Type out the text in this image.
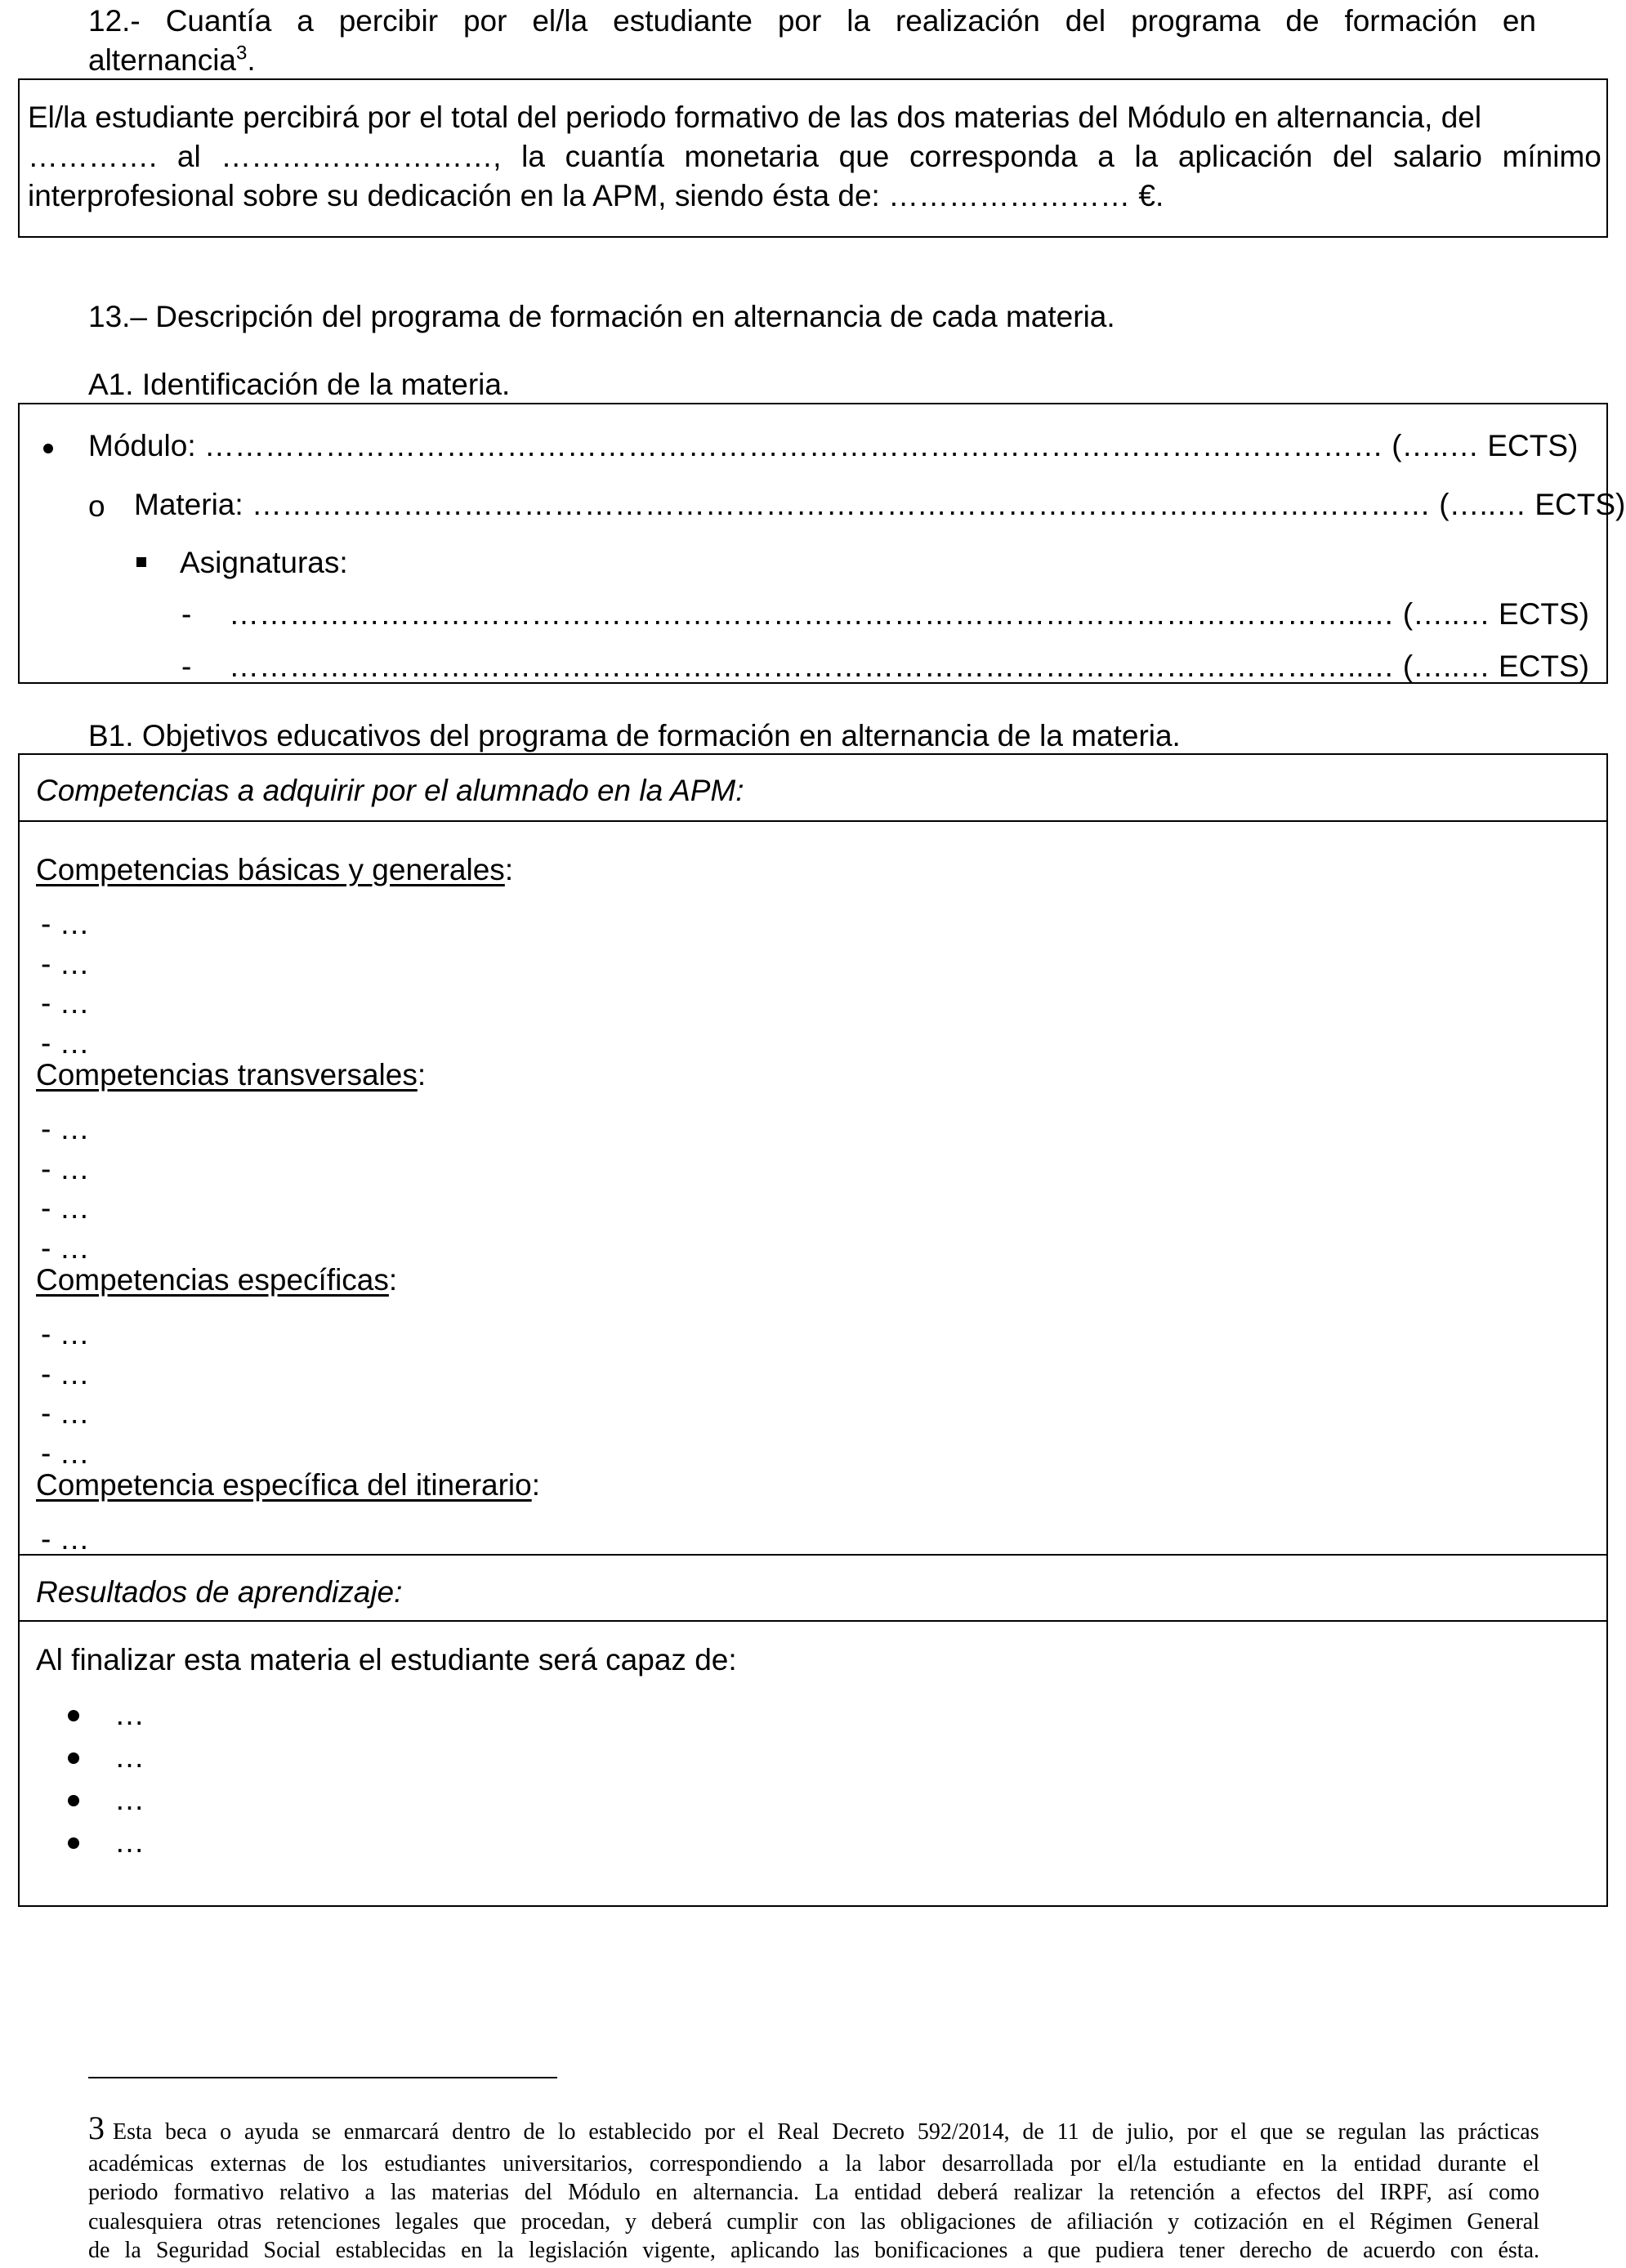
12.- Cuantía a percibir por el/la estudiante por la realización del programa de formación en
alternancia$^3$.
El/la estudiante percibirá por el total del periodo formativo de las dos materias del Módulo en alternancia, del
…………. al ………………………, la cuantía monetaria que corresponda a la aplicación del salario mínimo
interprofesional sobre su dedicación en la APM, siendo ésta de: …………………… €.
13.– Descripción del programa de formación en alternancia de cada materia.
A1. Identificación de la materia.
Módulo: ……………………………………………………………………………………………………… (…..… ECTS)
o Materia: ……………………………………………………………………………………………………… (…..… ECTS)
Asignaturas:
- …………………………………………………………………………………………………..… (…..… ECTS)
- …………………………………………………………………………………………………..… (…..… ECTS)
B1. Objetivos educativos del programa de formación en alternancia de la materia.
Competencias a adquirir por el alumnado en la APM:
Competencias básicas y generales:
- …
- …
- …
- …
Competencias transversales:
- …
- …
- …
- …
Competencias específicas:
- …
- …
- …
- …
Competencia específica del itinerario:
- …
Resultados de aprendizaje:
Al finalizar esta materia el estudiante será capaz de:
…
…
…
…
3 Esta beca o ayuda se enmarcará dentro de lo establecido por el Real Decreto 592/2014, de 11 de julio, por el que se regulan las prácticas
académicas externas de los estudiantes universitarios, correspondiendo a la labor desarrollada por el/la estudiante en la entidad durante el
periodo formativo relativo a las materias del Módulo en alternancia. La entidad deberá realizar la retención a efectos del IRPF, así como
cualesquiera otras retenciones legales que procedan, y deberá cumplir con las obligaciones de afiliación y cotización en el Régimen General
de la Seguridad Social establecidas en la legislación vigente, aplicando las bonificaciones a que pudiera tener derecho de acuerdo con ésta.
